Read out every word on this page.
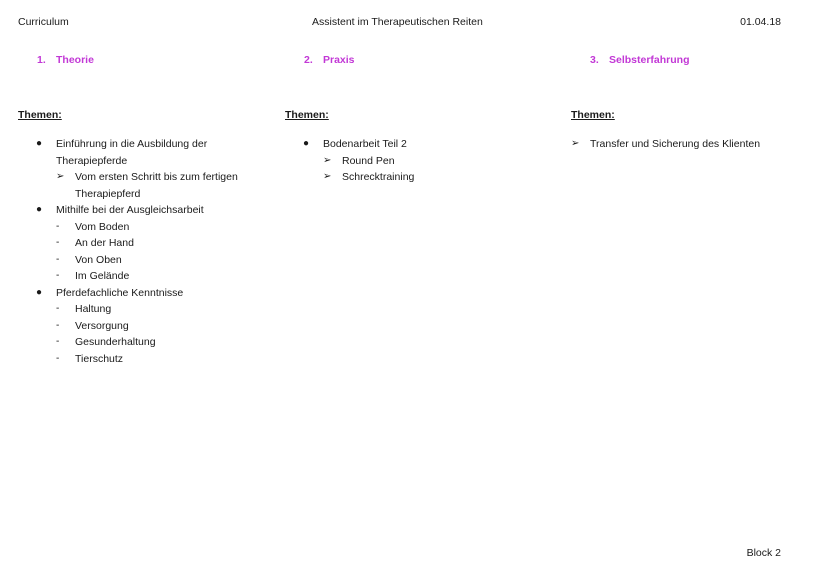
Curriculum	Assistent im Therapeutischen Reiten	01.04.18
1. Theorie
Themen:
● Einführung in die Ausbildung der Therapiepferde
➢ Vom ersten Schritt bis zum fertigen Therapiepferd
● Mithilfe bei der Ausgleichsarbeit
- Vom Boden
- An der Hand
- Von Oben
- Im Gelände
● Pferdefachliche Kenntnisse
- Haltung
- Versorgung
- Gesunderhaltung
- Tierschutz
2. Praxis
Themen:
● Bodenarbeit Teil 2
➢ Round Pen
➢ Schrecktraining
3. Selbsterfahrung
Themen:
➢ Transfer und Sicherung des Klienten
Block 2
